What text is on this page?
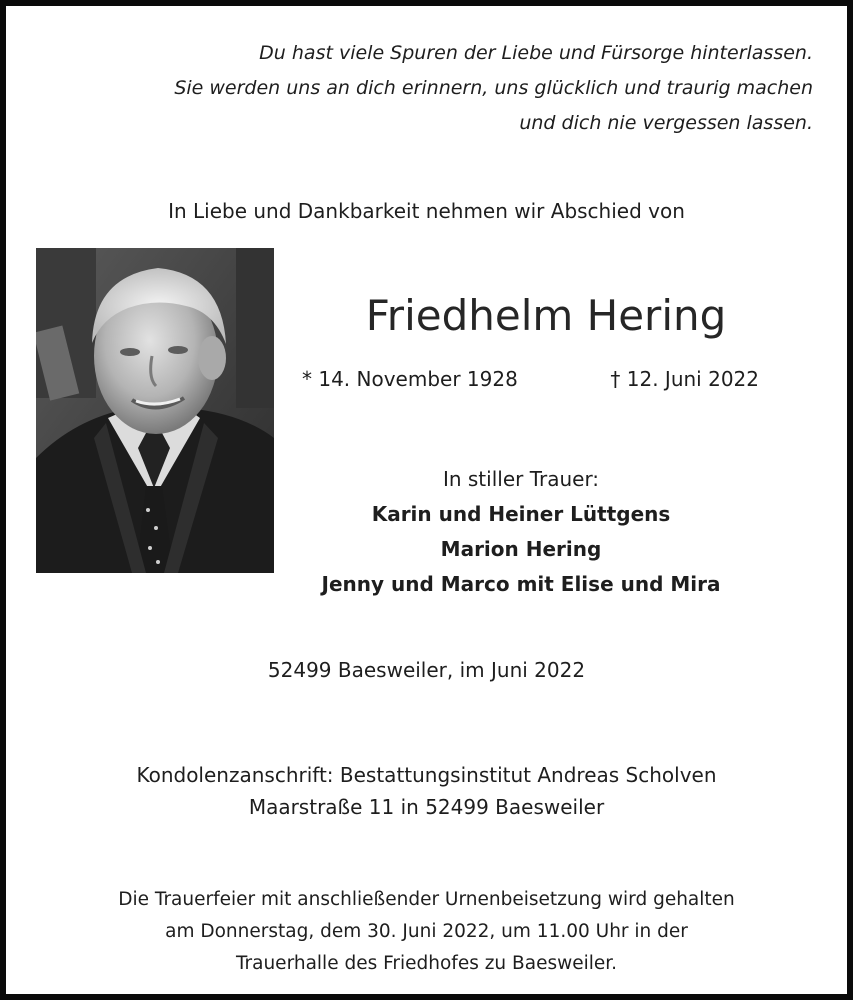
Du hast viele Spuren der Liebe und Fürsorge hinterlassen.
Sie werden uns an dich erinnern, uns glücklich und traurig machen
und dich nie vergessen lassen.
In Liebe und Dankbarkeit nehmen wir Abschied von
Friedhelm Hering
* 14. November 1928	† 12. Juni 2022
In stiller Trauer:
Karin und Heiner Lüttgens
Marion Hering
Jenny und Marco mit Elise und Mira
52499 Baesweiler, im Juni 2022
Kondolenzanschrift: Bestattungsinstitut Andreas Scholven
Maarstraße 11 in 52499 Baesweiler
Die Trauerfeier mit anschließender Urnenbeisetzung wird gehalten
am Donnerstag, dem 30. Juni 2022, um 11.00 Uhr in der
Trauerhalle des Friedhofes zu Baesweiler.
